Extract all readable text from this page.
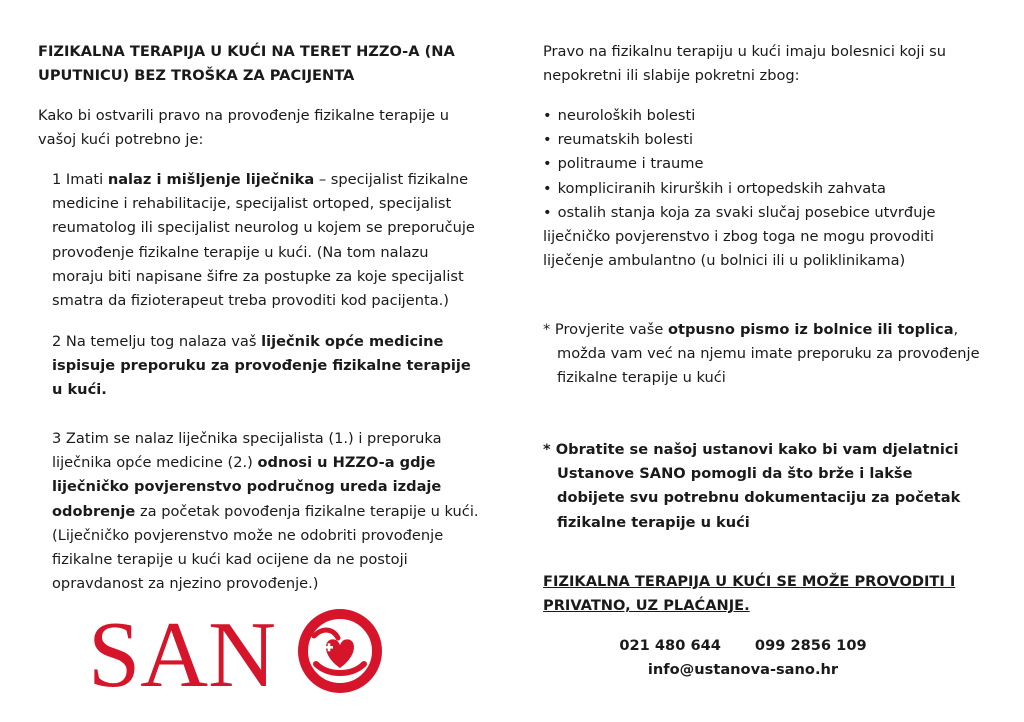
FIZIKALNA TERAPIJA U KUĆI NA TERET HZZO-A (NA UPUTNICU) BEZ TROŠKA ZA PACIJENTA

Kako bi ostvarili pravo na provođenje fizikalne terapije u vašoj kući potrebno je:

1 Imati nalaz i mišljenje liječnika – specijalist fizikalne medicine i rehabilitacije, specijalist ortoped, specijalist reumatolog ili specijalist neurolog u kojem se preporučuje provođenje fizikalne terapije u kući. (Na tom nalazu moraju biti napisane šifre za postupke za koje specijalist smatra da fizioterapeut treba provoditi kod pacijenta.)

2 Na temelju tog nalaza vaš liječnik opće medicine ispisuje preporuku za provođenje fizikalne terapije u kući.

3 Zatim se nalaz liječnika specijalista (1.) i preporuka liječnika opće medicine (2.) odnosi u HZZO-a gdje liječničko povjerenstvo područnog ureda izdaje odobrenje za početak povođenja fizikalne terapije u kući. (Liječničko povjerenstvo može ne odobriti provođenje fizikalne terapije u kući kad ocijene da ne postoji opravdanost za njezino provođenje.)

SAN

Pravo na fizikalnu terapiju u kući imaju bolesnici koji su nepokretni ili slabije pokretni zbog:

• neuroloških bolesti
• reumatskih bolesti
• politraume i traume
• kompliciranih kirurških i ortopedskih zahvata
• ostalih stanja koja za svaki slučaj posebice utvrđuje liječničko povjerenstvo i zbog toga ne mogu provoditi liječenje ambulantno (u bolnici ili u poliklinikama)

* Provjerite vaše otpusno pismo iz bolnice ili toplica, možda vam već na njemu imate preporuku za provođenje fizikalne terapije u kući

* Obratite se našoj ustanovi kako bi vam djelatnici Ustanove SANO pomogli da što brže i lakše dobijete svu potrebnu dokumentaciju za početak fizikalne terapije u kući

FIZIKALNA TERAPIJA U KUĆI SE MOŽE PROVODITI I PRIVATNO, UZ PLAĆANJE.

021 480 644 099 2856 109
info@ustanova-sano.hr
